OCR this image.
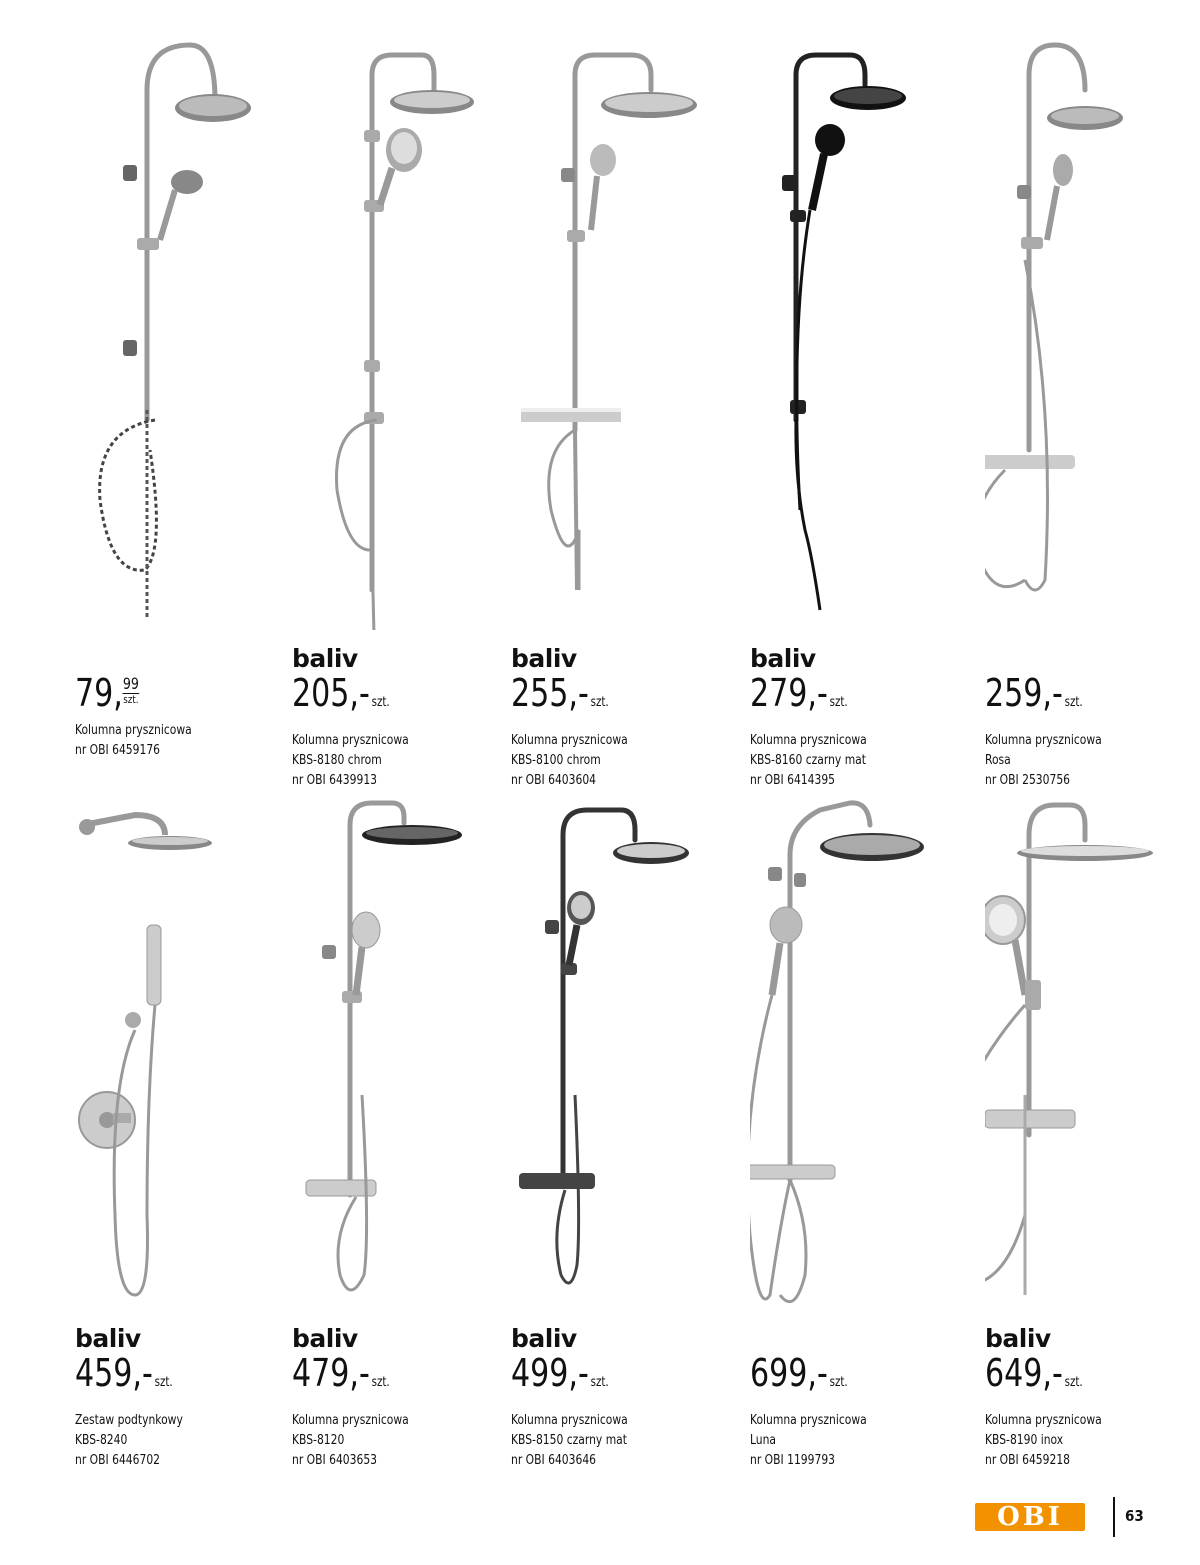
79,99
szt.
Kolumna prysznicowa
nr OBI 6459176
baliv
205,- szt.
Kolumna prysznicowa
KBS-8180 chrom
nr OBI 6439913
baliv
255,- szt.
Kolumna prysznicowa
KBS-8100 chrom
nr OBI 6403604
baliv
279,- szt.
Kolumna prysznicowa
KBS-8160 czarny mat
nr OBI 6414395
259,- szt.
Kolumna prysznicowa
Rosa
nr OBI 2530756
baliv
459,- szt.
Zestaw podtynkowy
KBS-8240
nr OBI 6446702
baliv
479,- szt.
Kolumna prysznicowa
KBS-8120
nr OBI 6403653
baliv
499,- szt.
Kolumna prysznicowa
KBS-8150 czarny mat
nr OBI 6403646
699,- szt.
Kolumna prysznicowa
Luna
nr OBI 1199793
baliv
649,- szt.
Kolumna prysznicowa
KBS-8190 inox
nr OBI 6459218
OBI	63
